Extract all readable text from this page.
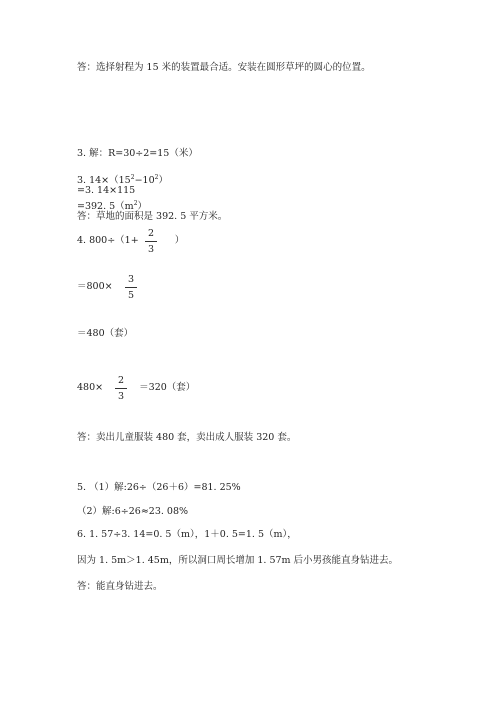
答：选择射程为 15 米的装置最合适。安装在圆形草坪的圆心的位置。
3. 解：R=30÷2=15（米）
3. $14\times(15^2-10^2)$
=3. 14×115
=392. $5(m^2)$
答：草地的面积是 392. 5 平方米。
4. 800÷（1+	）
2
3
＝800×
3
5
＝480（套）
480×	＝320（套）
2
3
答：卖出儿童服装 480 套，卖出成人服装 320 套。
5. （1）解:26÷（26＋6）=81. 25%
（2）解:6÷26≈23. 08%
6. 1. 57÷3. 14=0. 5（m），1＋0. 5=1. 5（m），
因为 1. 5m＞1. 45m，所以洞口周长增加 1. 57m 后小男孩能直身钻进去。
答：能直身钻进去。
